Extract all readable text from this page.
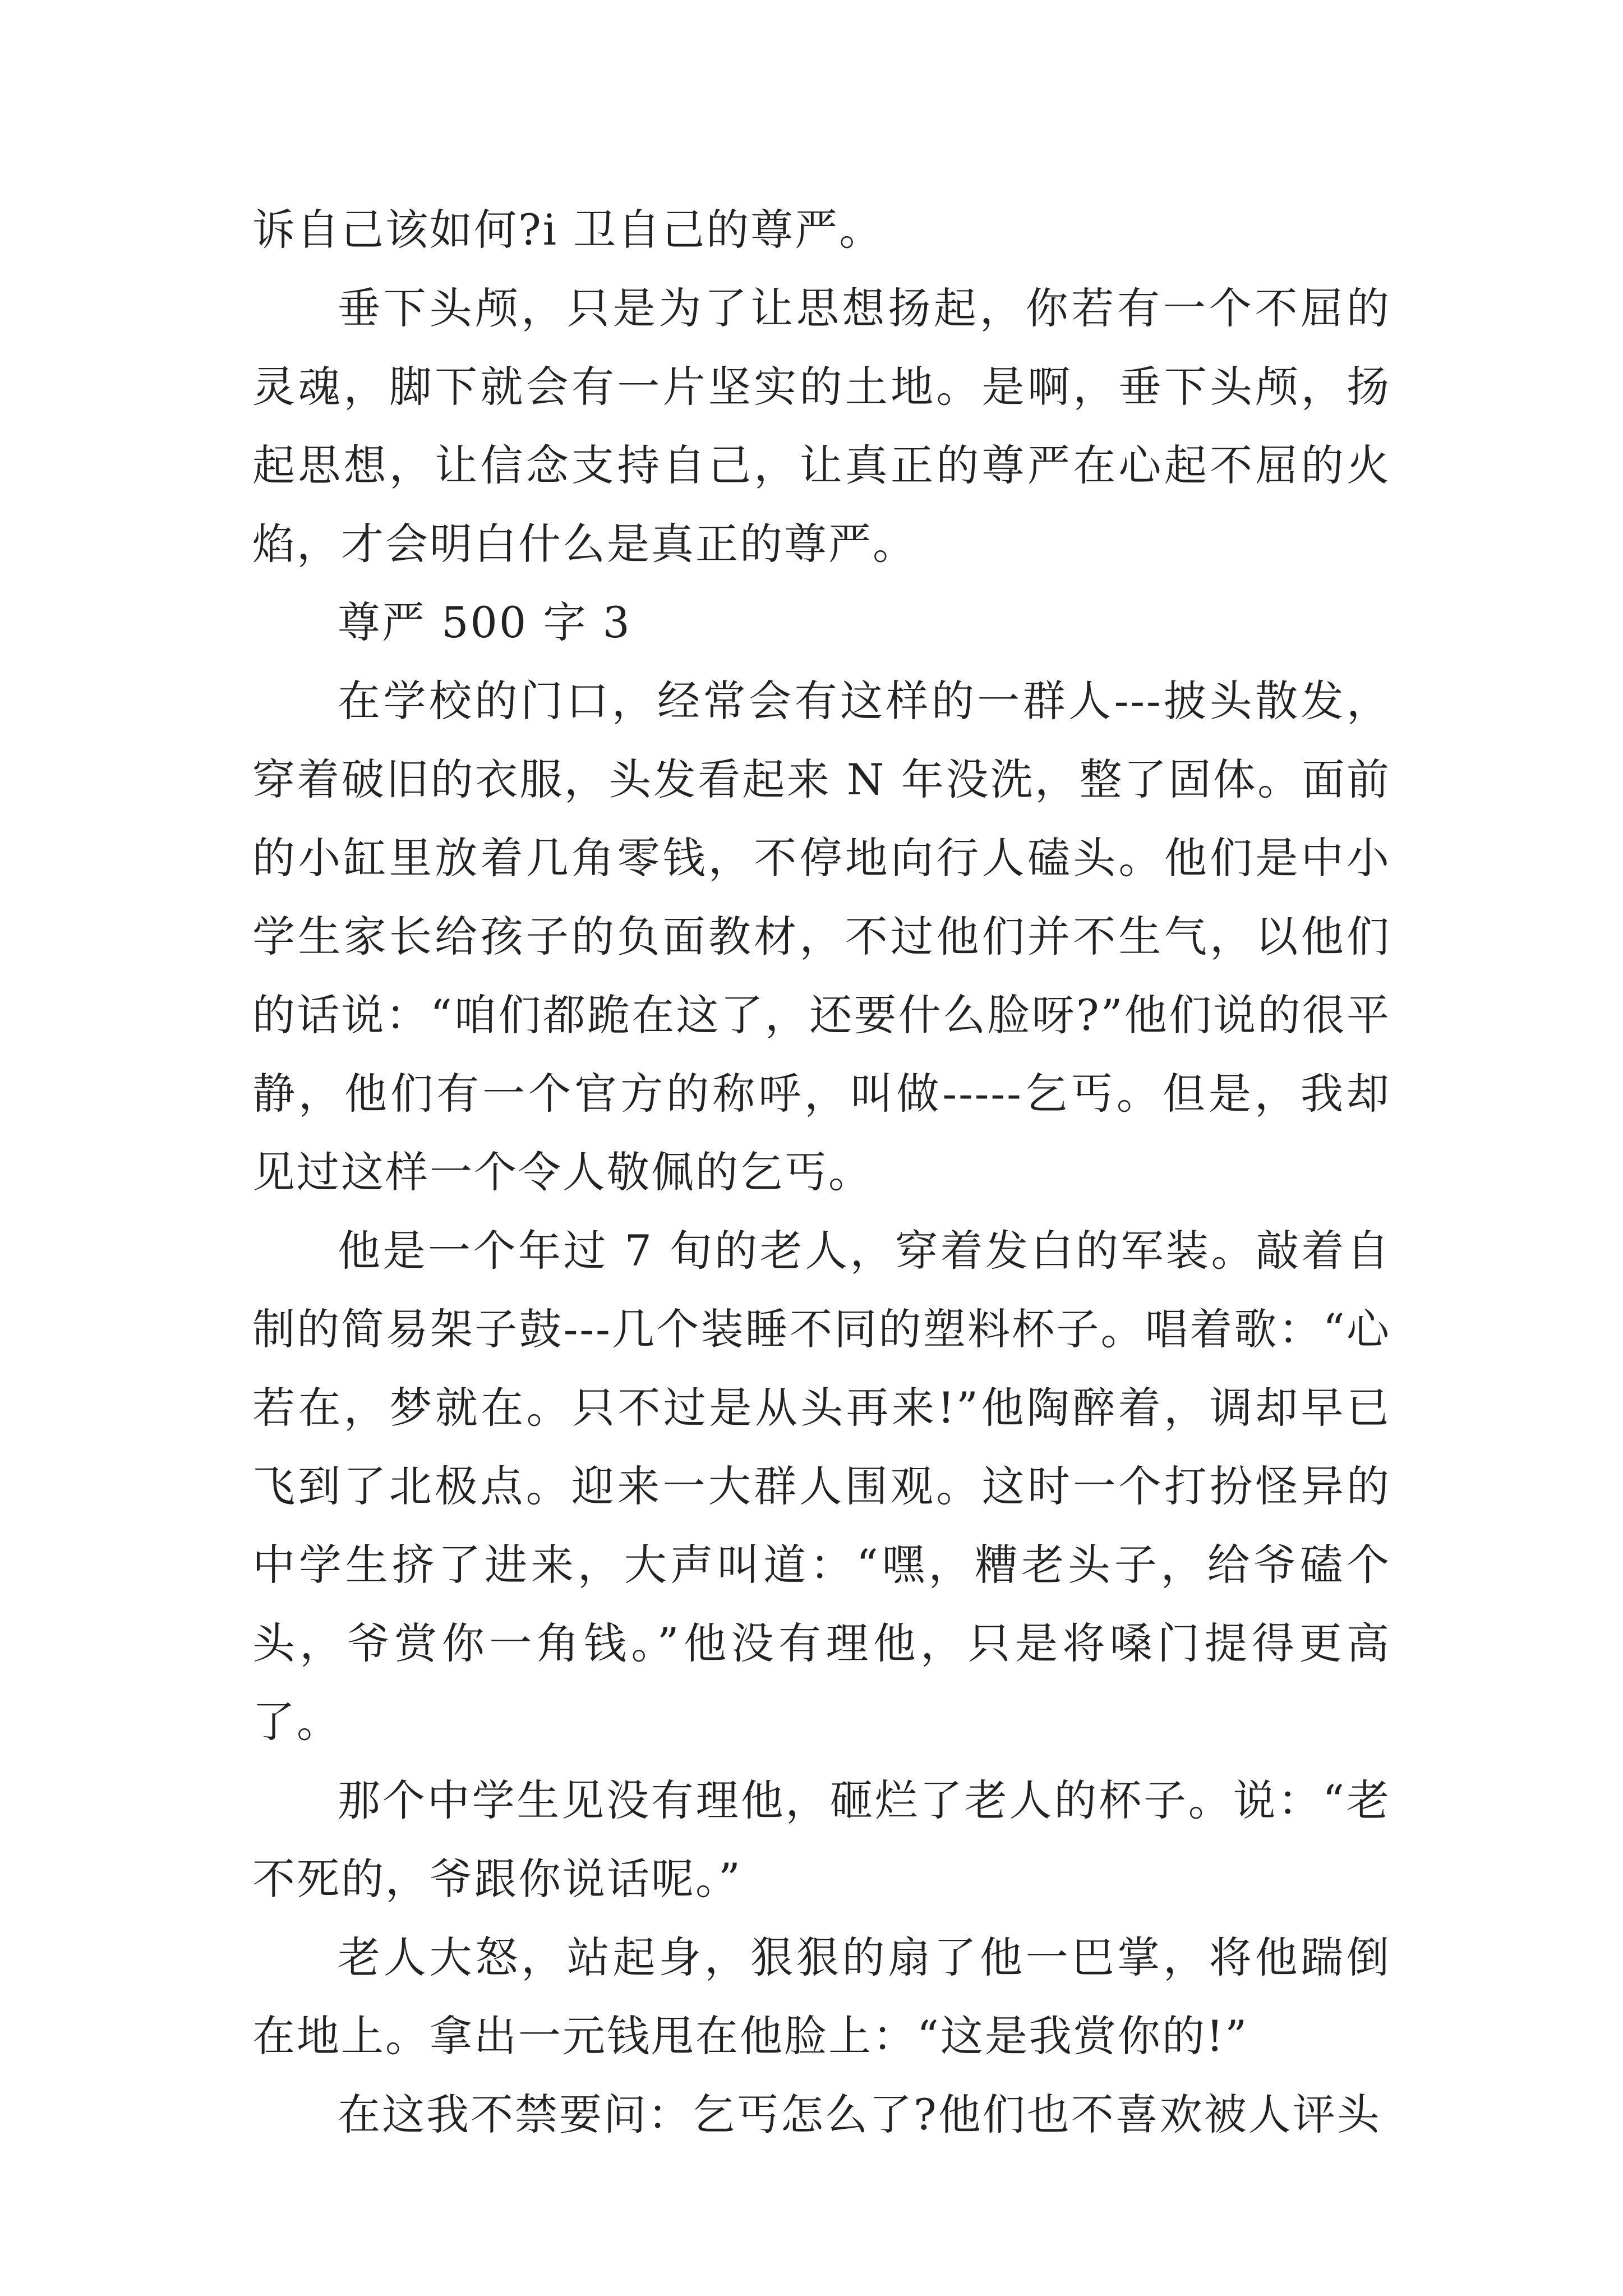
诉自己该如何?i 卫自己的尊严。

垂下头颅，只是为了让思想扬起，你若有一个不屈的灵魂，脚下就会有一片坚实的土地。是啊，垂下头颅，扬起思想，让信念支持自己，让真正的尊严在心起不屈的火焰，才会明白什么是真正的尊严。

尊严 500 字 3

在学校的门口，经常会有这样的一群人---披头散发，穿着破旧的衣服，头发看起来 N 年没洗，整了固体。面前的小缸里放着几角零钱，不停地向行人磕头。他们是中小学生家长给孩子的负面教材，不过他们并不生气，以他们的话说：“咱们都跪在这了，还要什么脸呀?”他们说的很平静，他们有一个官方的称呼，叫做-----乞丐。但是，我却见过这样一个令人敬佩的乞丐。

他是一个年过 7 旬的老人，穿着发白的军装。敲着自制的简易架子鼓---几个装睡不同的塑料杯子。唱着歌：“心若在，梦就在。只不过是从头再来!”他陶醉着，调却早已飞到了北极点。迎来一大群人围观。这时一个打扮怪异的中学生挤了进来，大声叫道：“嘿，糟老头子，给爷磕个头，爷赏你一角钱。”他没有理他，只是将嗓门提得更高了。

那个中学生见没有理他，砸烂了老人的杯子。说：“老不死的，爷跟你说话呢。”

老人大怒，站起身，狠狠的扇了他一巴掌，将他踹倒在地上。拿出一元钱甩在他脸上：“这是我赏你的!”

在这我不禁要问：乞丐怎么了?他们也不喜欢被人评头
